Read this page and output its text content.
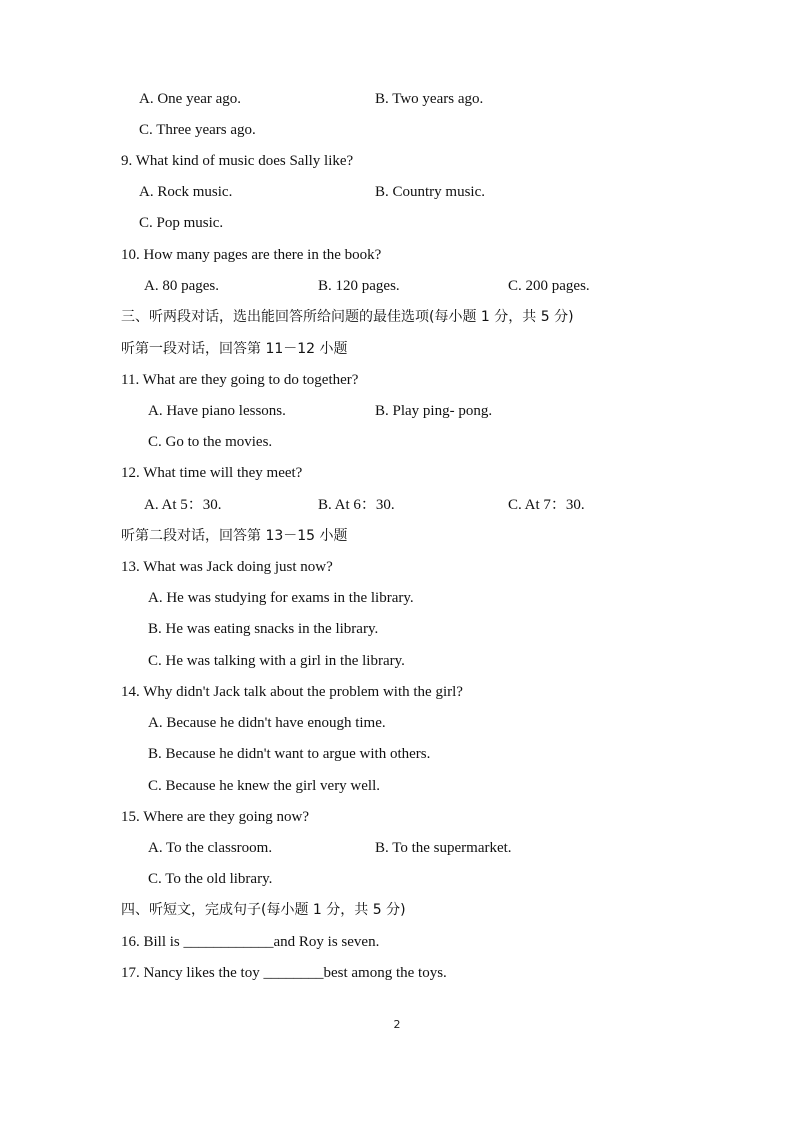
A. One year ago.	B. Two years ago.
C. Three years ago.
9. What kind of music does Sally like?
A. Rock music.	B. Country music.
C. Pop music.
10. How many pages are there in the book?
A. 80 pages.	B. 120 pages.	C. 200 pages.
三、听两段对话，选出能回答所给问题的最佳选项(每小题 1 分，共 5 分)
听第一段对话，回答第 11－12 小题
11. What are they going to do together?
A. Have piano lessons.	B. Play ping- pong.
C. Go to the movies.
12. What time will they meet?
A. At 5：30.	B. At 6：30.	C. At 7：30.
听第二段对话，回答第 13－15 小题
13. What was Jack doing just now?
A. He was studying for exams in the library.
B. He was eating snacks in the library.
C. He was talking with a girl in the library.
14. Why didn't Jack talk about the problem with the girl?
A. Because he didn't have enough time.
B. Because he didn't want to argue with others.
C. Because he knew the girl very well.
15. Where are they going now?
A. To the classroom.	B. To the supermarket.
C. To the old library.
四、听短文，完成句子(每小题 1 分，共 5 分)
16. Bill is ____________and Roy is seven.
17. Nancy likes the toy ________best among the toys.
2
